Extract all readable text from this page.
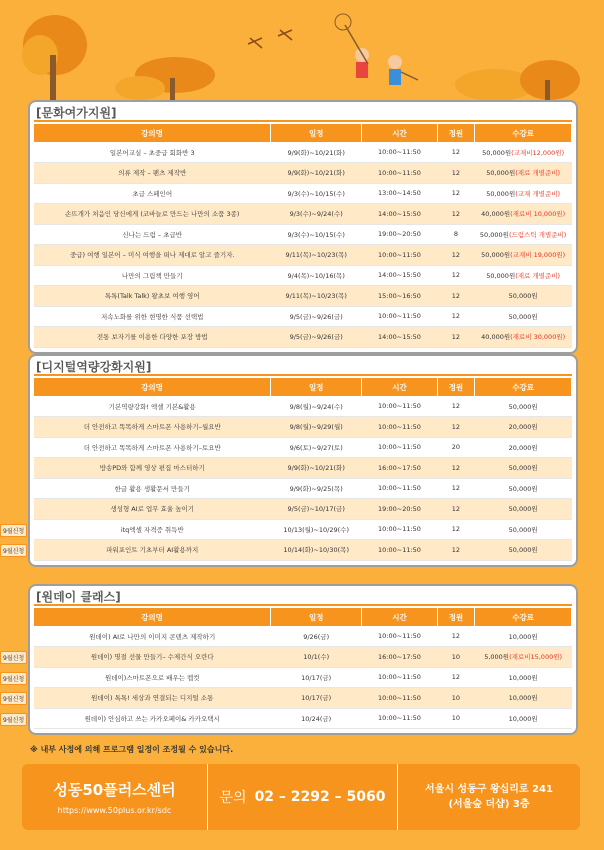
[문화여가지원]
강의명	일정	시간	정원	수강료
일본어교실 – 초중급 회화반 3	9/9(화)~10/21(화)	10:00~11:50	12	50,000원(교재비12,000원)
의류 제작 – 팬츠 제작반	9/9(화)~10/21(화)	10:00~11:50	12	50,000원(재료 개별준비)
초급 스페인어	9/3(수)~10/15(수)	13:00~14:50	12	50,000원(교재 개별준비)
손뜨개가 처음인 당신에게 (코바늘로 만드는 나만의 소품 3종)	9/3(수)~9/24(수)	14:00~15:50	12	40,000원(재료비 10,000원)
신나는 드럼 – 초급반	9/3(수)~10/15(수)	19:00~20:50	8	50,000원(드럼스틱 개별준비)
중급) 여행 일본어 – 미식 여행을 떠나 제대로 알고 즐기자.	9/11(목)~10/23(목)	10:00~11:50	12	50,000원(교재비 19,000원)
나만의 그림책 만들기	9/4(목)~10/16(목)	14:00~15:50	12	50,000원(재료 개별준비)
톡톡(Talk Talk) 왕초보 여행 영어	9/11(목)~10/23(목)	15:00~16:50	12	50,000원
저속노화를 위한 현명한 식품 선택법	9/5(금)~9/26(금)	10:00~11:50	12	50,000원
전통 보자기를 이용한 다양한 포장 방법	9/5(금)~9/26(금)	14:00~15:50	12	40,000원(재료비 30,000원)
[디지털역량강화지원]
강의명	일정	시간	정원	수강료
기본역량강화! 엑셀 기본&활용	9/8(월)~9/24(수)	10:00~11:50	12	50,000원
더 안전하고 똑똑하게 스마트폰 사용하기–월요반	9/8(월)~9/29(월)	10:00~11:50	12	20,000원
더 안전하고 똑똑하게 스마트폰 사용하기–토요반	9/6(토)~9/27(토)	10:00~11:50	20	20,000원
방송PD와 함께 영상 편집 마스터하기	9/9(화)~10/21(화)	16:00~17:50	12	50,000원
한글 활용 생활문서 만들기	9/9(화)~9/25(목)	10:00~11:50	12	50,000원
생성형 AI로 업무 효율 높이기	9/5(금)~10/17(금)	19:00~20:50	12	50,000원

9월신청 itq엑셀 자격증 취득반	10/13(월)~10/29(수)	10:00~11:50	12	50,000원

9월신청 파워포인트 기초부터 AI활용까지	10/14(화)~10/30(목)	10:00~11:50	12	50,000원
[원데이 클래스]
강의명	일정	시간	정원	수강료
원데이) AI로 나만의 이미지 콘텐츠 제작하기	9/26(금)	10:00~11:50	12	10,000원

9월신청 원데이) 명절 선물 만들기– 수제간식 오란다	10/1(수)	16:00~17:50	10	5,000원(재료비15,000원)

9월신청 원데이)스마트폰으로 배우는 캡컷	10/17(금)	10:00~11:50	12	10,000원

9월신청 원데이) 톡톡! 세상과 연결되는 디지털 소통	10/17(금)	10:00~11:50	10	10,000원

9월신청 원데이) 안심하고 쓰는 카카오페이& 카카오택시	10/24(금)	10:00~11:50	10	10,000원
※ 내부 사정에 의해 프로그램 일정이 조정될 수 있습니다.
성동50플러스센터
https://www.50plus.or.kr/sdc
문의 02 – 2292 – 5060	서울시 성동구 왕십리로 241
(서울숲 더샵) 3층
